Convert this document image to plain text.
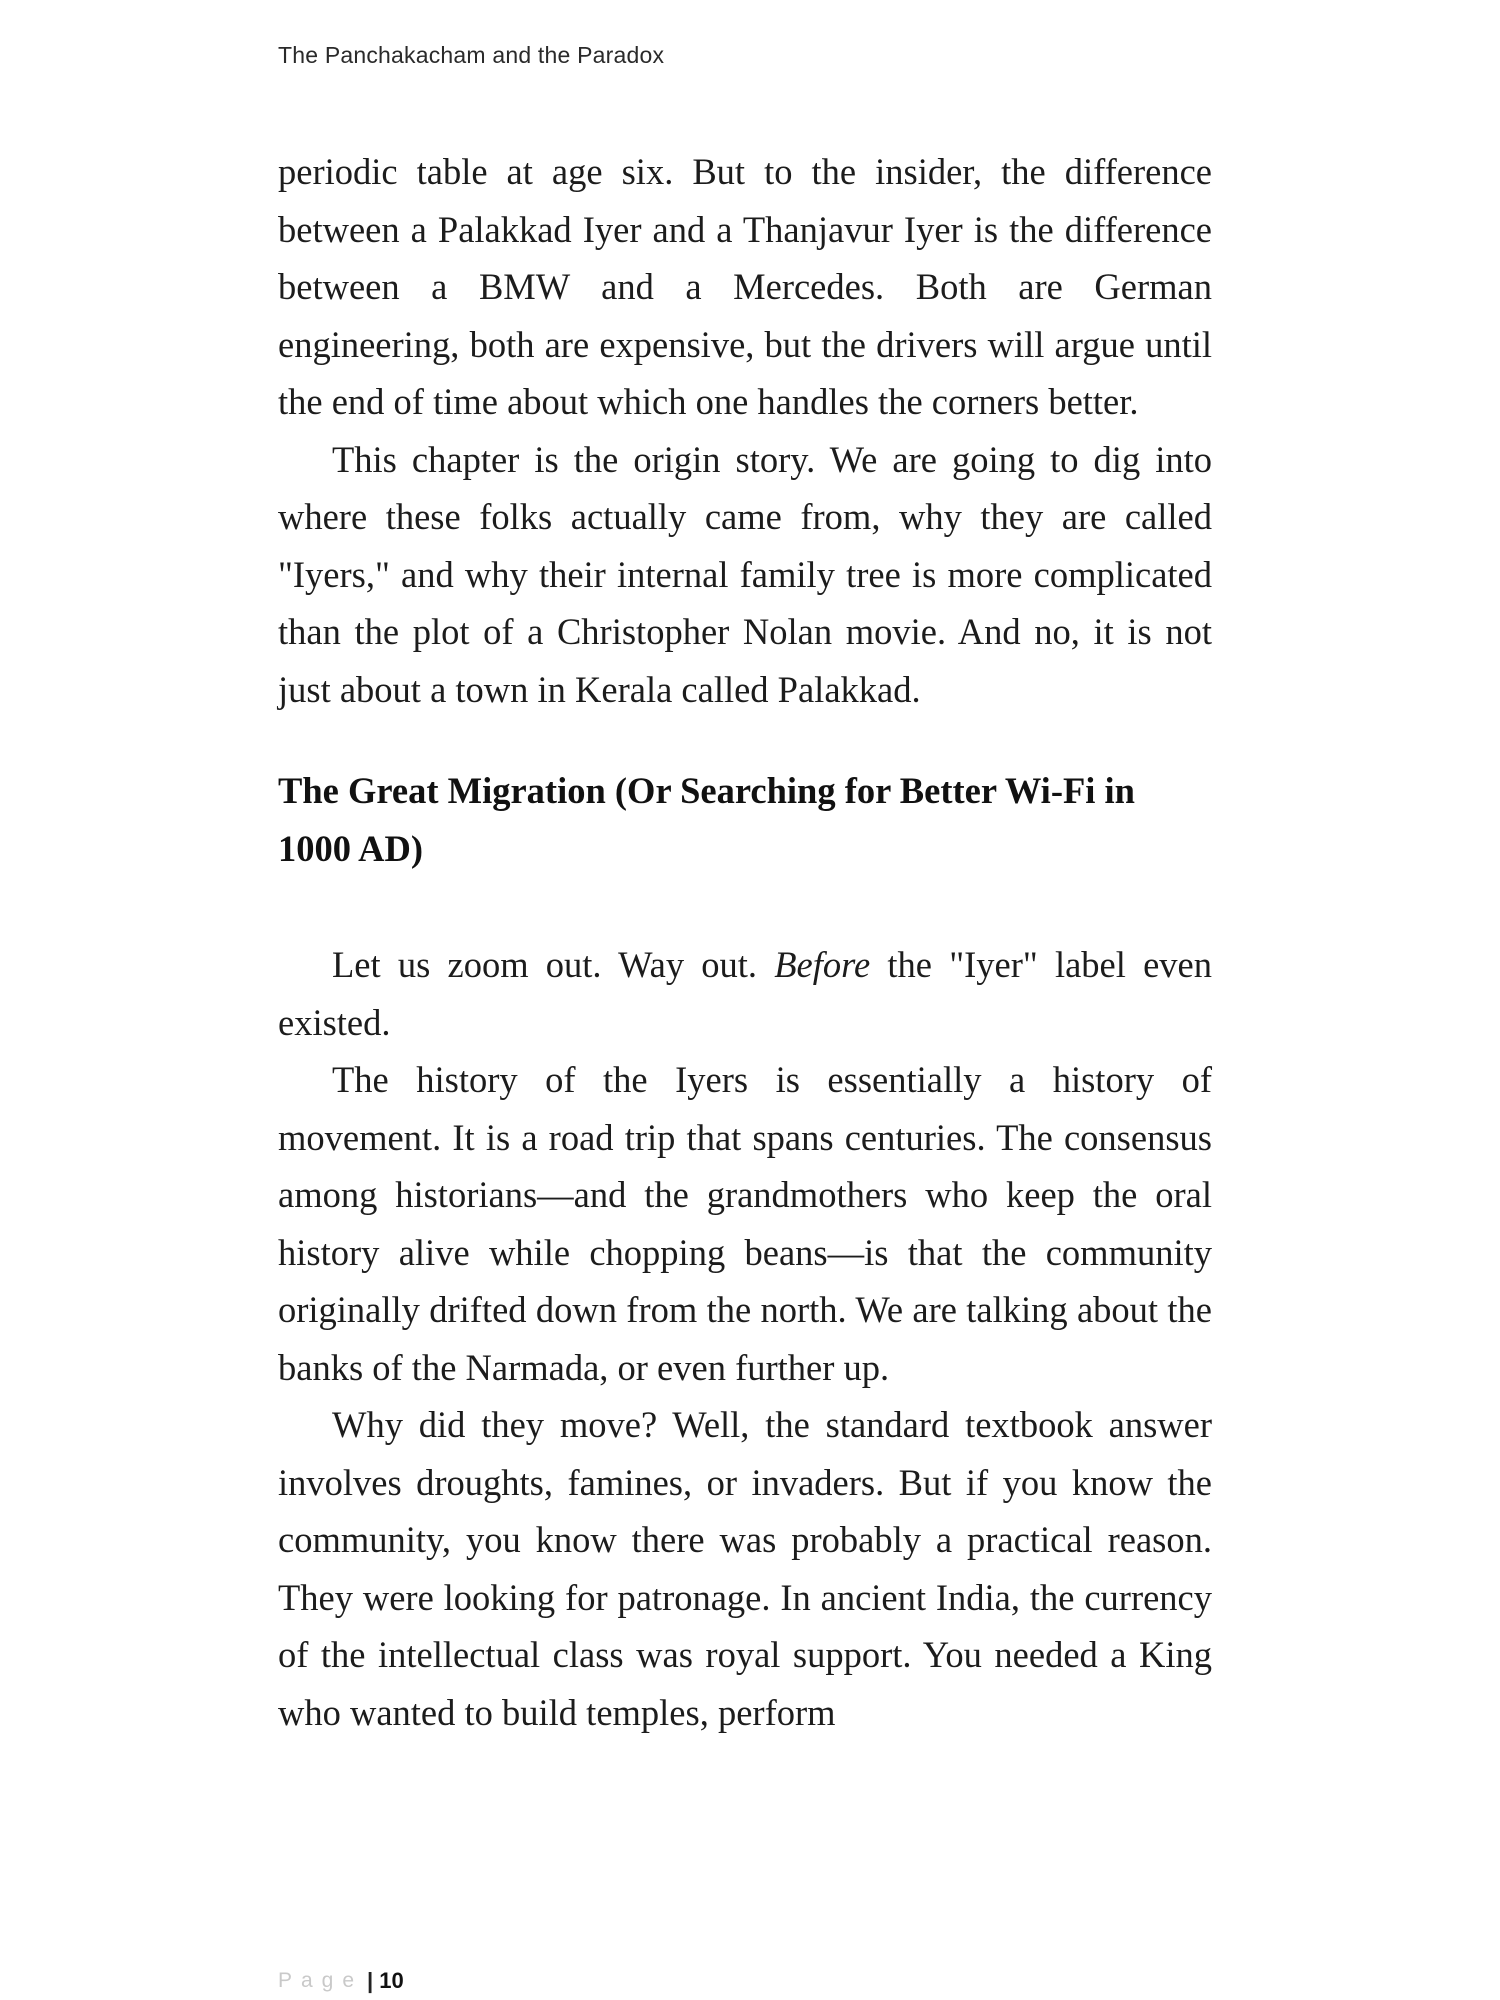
The Panchakacham and the Paradox

periodic table at age six. But to the insider, the difference between a Palakkad Iyer and a Thanjavur Iyer is the difference between a BMW and a Mercedes. Both are German engineering, both are expensive, but the drivers will argue until the end of time about which one handles the corners better.

This chapter is the origin story. We are going to dig into where these folks actually came from, why they are called "Iyers," and why their internal family tree is more complicated than the plot of a Christopher Nolan movie. And no, it is not just about a town in Kerala called Palakkad.

The Great Migration (Or Searching for Better Wi-Fi in 1000 AD)

Let us zoom out. Way out. Before the "Iyer" label even existed.

The history of the Iyers is essentially a history of movement. It is a road trip that spans centuries. The consensus among historians—and the grandmothers who keep the oral history alive while chopping beans—is that the community originally drifted down from the north. We are talking about the banks of the Narmada, or even further up.

Why did they move? Well, the standard textbook answer involves droughts, famines, or invaders. But if you know the community, you know there was probably a practical reason. They were looking for patronage. In ancient India, the currency of the intellectual class was royal support. You needed a King who wanted to build temples, perform

Page | 10
